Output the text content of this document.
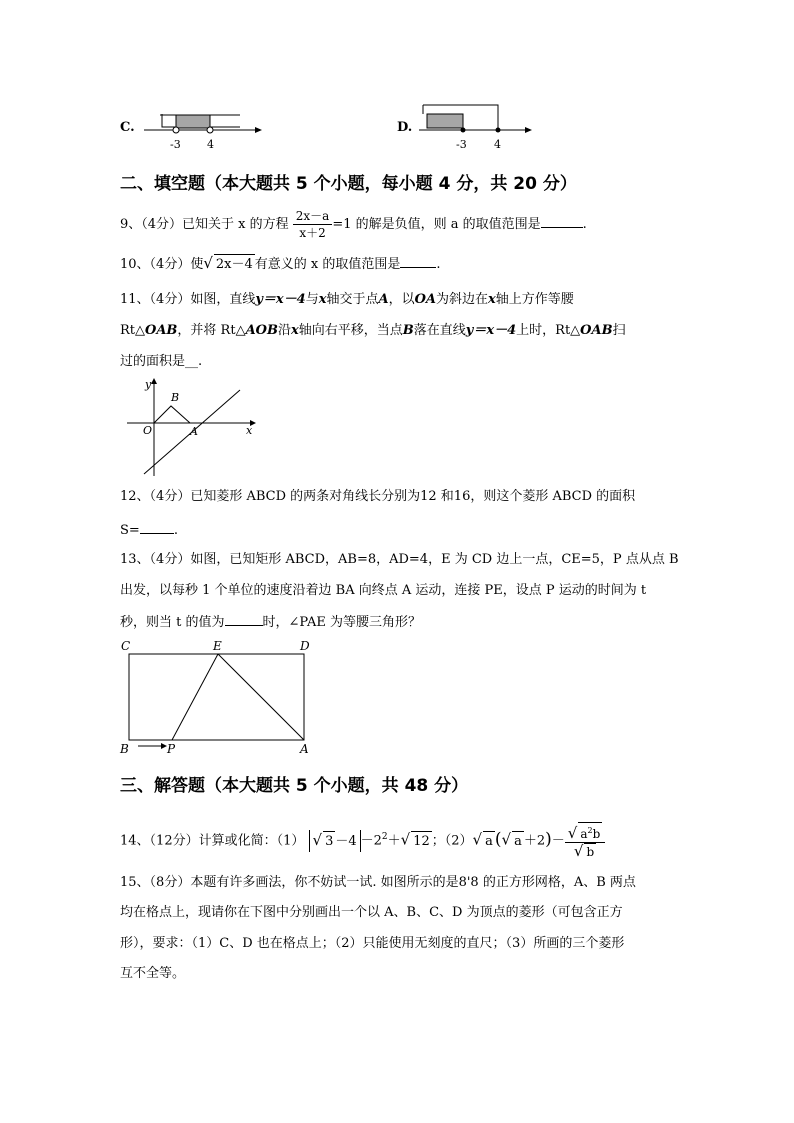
C.
-3 4
D.
-3 4
二、填空题（本大题共 5 个小题，每小题 4 分，共 20 分）
9、（4分）已知关于 x 的方程 $\frac{2x-a}{x+2} =1$ 的解是负值，则 a 的取值范围是	.
10、（4分）使√ 2x－4 有意义的 x 的取值范围是	.
11、（4分）如图，直线y＝x－4与x轴交于点A，以OA为斜边在x轴上方作等腰
Rt△OAB，并将 Rt△AOB沿x轴向右平移，当点B落在直线y＝x－4上时，Rt△OAB扫
过的面积是__.
y
x
O	A
B
12、（4分）已知菱形 ABCD 的两条对角线长分别为12 和16，则这个菱形 ABCD 的面积
S=	.
13、（4分）如图，已知矩形 ABCD，AB=8，AD=4，E 为 CD 边上一点，CE=5，P 点从点 B
出发，以每秒 1 个单位的速度沿着边 BA 向终点 A 运动，连接 PE，设点 P 运动的时间为 t
秒，则当 t 的值为	时，∠PAE 为等腰三角形？
C	E	D
B	P	A
三、解答题（本大题共 5 个小题，共 48 分）
14、（12分）计算或化简：（1） √ $3 -4 -2^2+√$ 12 ；（2）√ a (√ $a +2)- \frac{√ a^2b}{√ b}$
15、（8分）本题有许多画法，你不妨试一试. 如图所示的是8'8 的正方形网格，A、B 两点
均在格点上，现请你在下图中分别画出一个以 A、B、C、D 为顶点的菱形（可包含正方
形），要求：（1）C、D 也在格点上；（2）只能使用无刻度的直尺；（3）所画的三个菱形
互不全等。
